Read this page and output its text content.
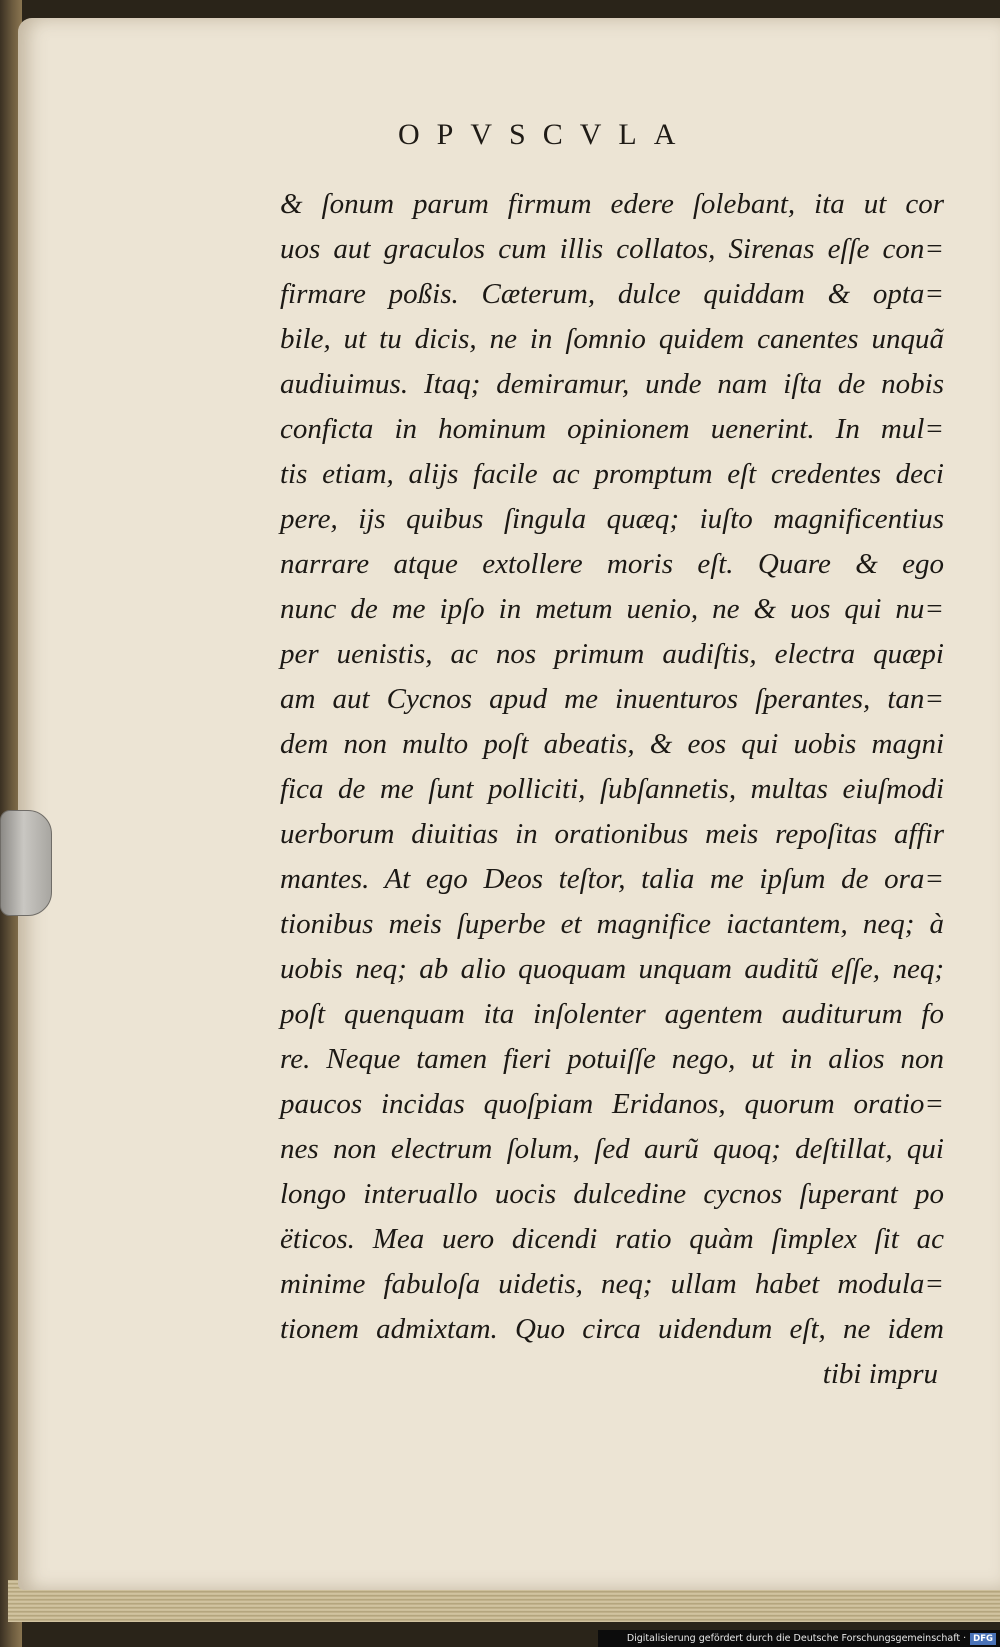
OPVSCVLA
& ſonum parum firmum edere ſolebant, ita ut cor
uos aut graculos cum illis collatos, Sirenas eſſe con=
firmare poßis. Cæterum, dulce quiddam & opta=
bile, ut tu dicis, ne in ſomnio quidem canentes unquã
audiuimus. Itaq; demiramur, unde nam iſta de nobis
conficta in hominum opinionem uenerint. In mul=
tis etiam, alijs facile ac promptum eſt credentes deci
pere, ijs quibus ſingula quæq; iuſto magnificentius
narrare atque extollere moris eſt. Quare & ego
nunc de me ipſo in metum uenio, ne & uos qui nu=
per uenistis, ac nos primum audiſtis, electra quæpi
am aut Cycnos apud me inuenturos ſperantes, tan=
dem non multo poſt abeatis, & eos qui uobis magni
fica de me ſunt polliciti, ſubſannetis, multas eiuſmodi
uerborum diuitias in orationibus meis repoſitas affir
mantes. At ego Deos teſtor, talia me ipſum de ora=
tionibus meis ſuperbe et magnifice iactantem, neq; à
uobis neq; ab alio quoquam unquam auditũ eſſe, neq;
poſt quenquam ita inſolenter agentem auditurum fo
re. Neque tamen fieri potuiſſe nego, ut in alios non
paucos incidas quoſpiam Eridanos, quorum oratio=
nes non electrum ſolum, ſed aurũ quoq; deſtillat, qui
longo interuallo uocis dulcedine cycnos ſuperant po
ëticos. Mea uero dicendi ratio quàm ſimplex ſit ac
minime fabuloſa uidetis, neq; ullam habet modula=
tionem admixtam. Quo circa uidendum eſt, ne idem
tibi impru
Digitalisierung gefördert durch die Deutsche Forschungsgemeinschaft · DFG
